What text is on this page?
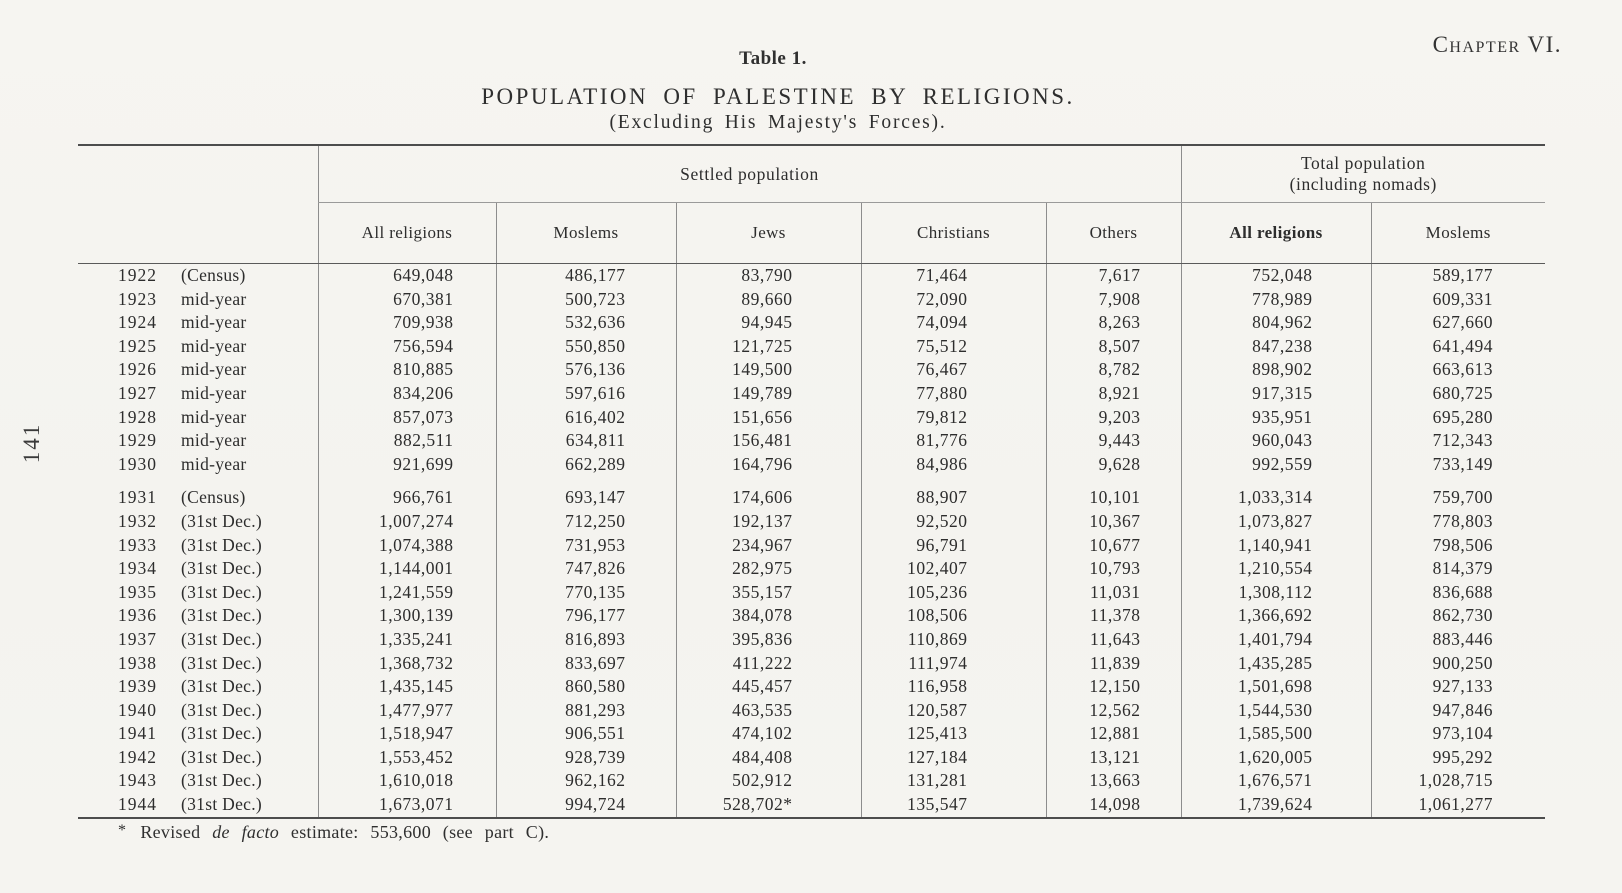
141
Chapter VI.
Table 1.
POPULATION OF PALESTINE BY RELIGIONS.
(Excluding His Majesty's Forces).
	Settled population					Total population
(including nomads)	
	All religions	Moslems	Jews	Christians	Others	All religions	Moslems
1922 (Census)	649,048	486,177	83,790	71,464	7,617	752,048	589,177
1923 mid-year	670,381	500,723	89,660	72,090	7,908	778,989	609,331
1924 mid-year	709,938	532,636	94,945	74,094	8,263	804,962	627,660
1925 mid-year	756,594	550,850	121,725	75,512	8,507	847,238	641,494
1926 mid-year	810,885	576,136	149,500	76,467	8,782	898,902	663,613
1927 mid-year	834,206	597,616	149,789	77,880	8,921	917,315	680,725
1928 mid-year	857,073	616,402	151,656	79,812	9,203	935,951	695,280
1929 mid-year	882,511	634,811	156,481	81,776	9,443	960,043	712,343
1930 mid-year	921,699	662,289	164,796	84,986	9,628	992,559	733,149
1931 (Census)	966,761	693,147	174,606	88,907	10,101	1,033,314	759,700
1932 (31st Dec.)	1,007,274	712,250	192,137	92,520	10,367	1,073,827	778,803
1933 (31st Dec.)	1,074,388	731,953	234,967	96,791	10,677	1,140,941	798,506
1934 (31st Dec.)	1,144,001	747,826	282,975	102,407	10,793	1,210,554	814,379
1935 (31st Dec.)	1,241,559	770,135	355,157	105,236	11,031	1,308,112	836,688
1936 (31st Dec.)	1,300,139	796,177	384,078	108,506	11,378	1,366,692	862,730
1937 (31st Dec.)	1,335,241	816,893	395,836	110,869	11,643	1,401,794	883,446
1938 (31st Dec.)	1,368,732	833,697	411,222	111,974	11,839	1,435,285	900,250
1939 (31st Dec.)	1,435,145	860,580	445,457	116,958	12,150	1,501,698	927,133
1940 (31st Dec.)	1,477,977	881,293	463,535	120,587	12,562	1,544,530	947,846
1941 (31st Dec.)	1,518,947	906,551	474,102	125,413	12,881	1,585,500	973,104
1942 (31st Dec.)	1,553,452	928,739	484,408	127,184	13,121	1,620,005	995,292
1943 (31st Dec.)	1,610,018	962,162	502,912	131,281	13,663	1,676,571	1,028,715
1944 (31st Dec.)	1,673,071	994,724	528,702*	135,547	14,098	1,739,624	1,061,277
* Revised de facto estimate: 553,600 (see part C).
